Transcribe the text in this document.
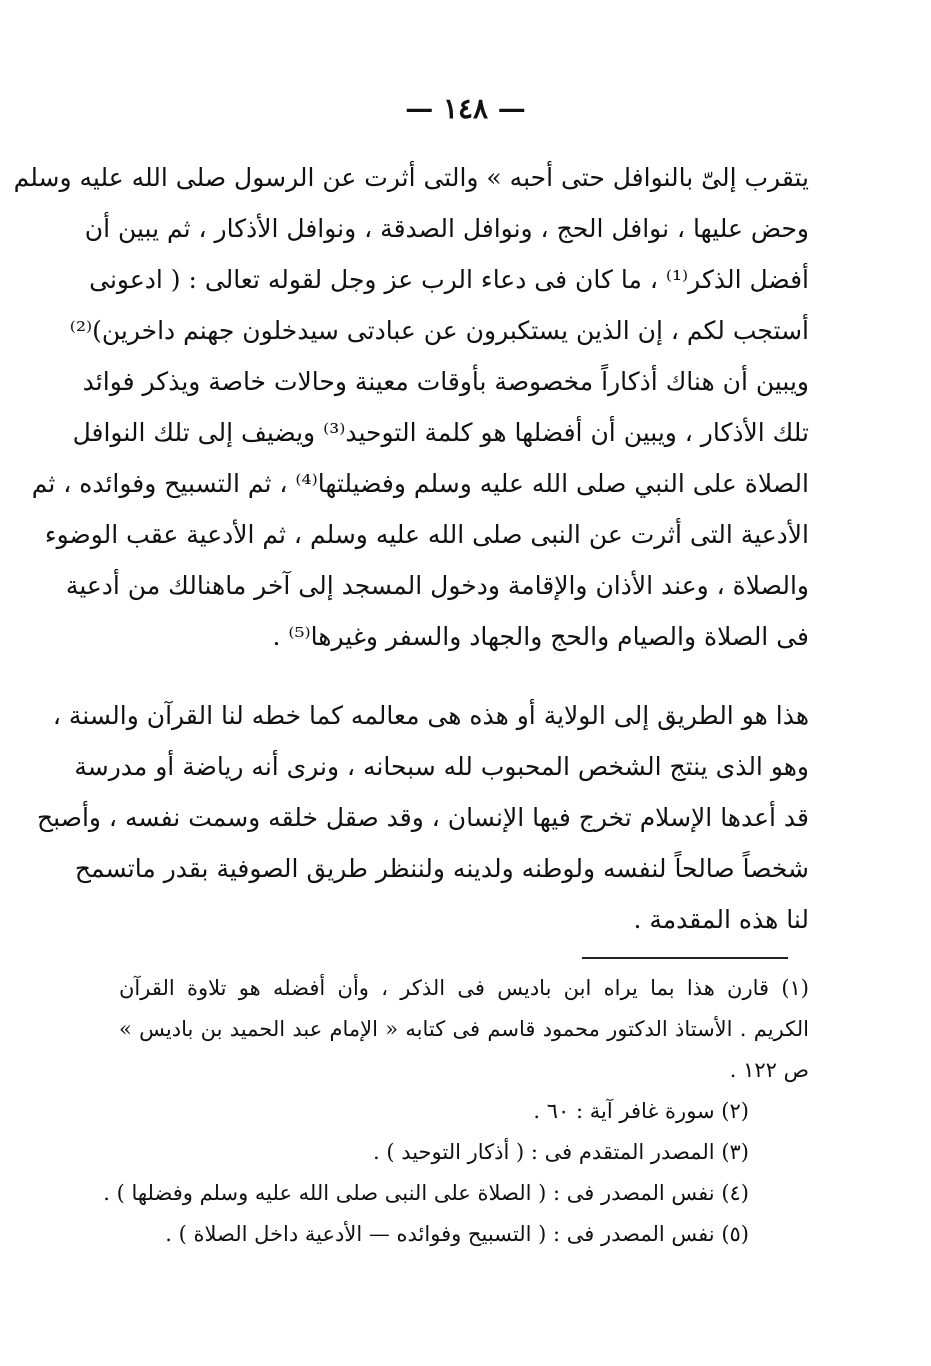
— ١٤٨ —
يتقرب إلىّ بالنوافل حتى أحبه » والتى أثرت عن الرسول صلى الله عليه وسلم
وحض عليها ، نوافل الحج ، ونوافل الصدقة ، ونوافل الأذكار ، ثم يبين أن
أفضل الذكر⁽¹⁾ ، ما كان فى دعاء الرب عز وجل لقوله تعالى : ( ادعونى
أستجب لكم ، إن الذين يستكبرون عن عبادتى سيدخلون جهنم داخرين)⁽²⁾
ويبين أن هناك أذكاراً مخصوصة بأوقات معينة وحالات خاصة ويذكر فوائد
تلك الأذكار ، ويبين أن أفضلها هو كلمة التوحيد⁽³⁾ ويضيف إلى تلك النوافل
الصلاة على النبي صلى الله عليه وسلم وفضيلتها⁽⁴⁾ ، ثم التسبيح وفوائده ، ثم
الأدعية التى أثرت عن النبى صلى الله عليه وسلم ، ثم الأدعية عقب الوضوء
والصلاة ، وعند الأذان والإقامة ودخول المسجد إلى آخر ماهنالك من أدعية
فى الصلاة والصيام والحج والجهاد والسفر وغيرها⁽⁵⁾ .
هذا هو الطريق إلى الولاية أو هذه هى معالمه كما خطه لنا القرآن والسنة ،
وهو الذى ينتج الشخص المحبوب لله سبحانه ، ونرى أنه رياضة أو مدرسة
قد أعدها الإسلام تخرج فيها الإنسان ، وقد صقل خلقه وسمت نفسه ، وأصبح
شخصاً صالحاً لنفسه ولوطنه ولدينه ولننظر طريق الصوفية بقدر ماتسمح
لنا هذه المقدمة .
(١) قارن هذا بما يراه ابن باديس فى الذكر ، وأن أفضله هو تلاوة القرآن
الكريم . الأستاذ الدكتور محمود قاسم فى كتابه « الإمام عبد الحميد بن باديس »
ص ١٢٢ .
(٢) سورة غافر آية : ٦٠ .
(٣) المصدر المتقدم فى : ( أذكار التوحيد ) .
(٤) نفس المصدر فى : ( الصلاة على النبى صلى الله عليه وسلم وفضلها ) .
(٥) نفس المصدر فى : ( التسبيح وفوائده — الأدعية داخل الصلاة ) .
